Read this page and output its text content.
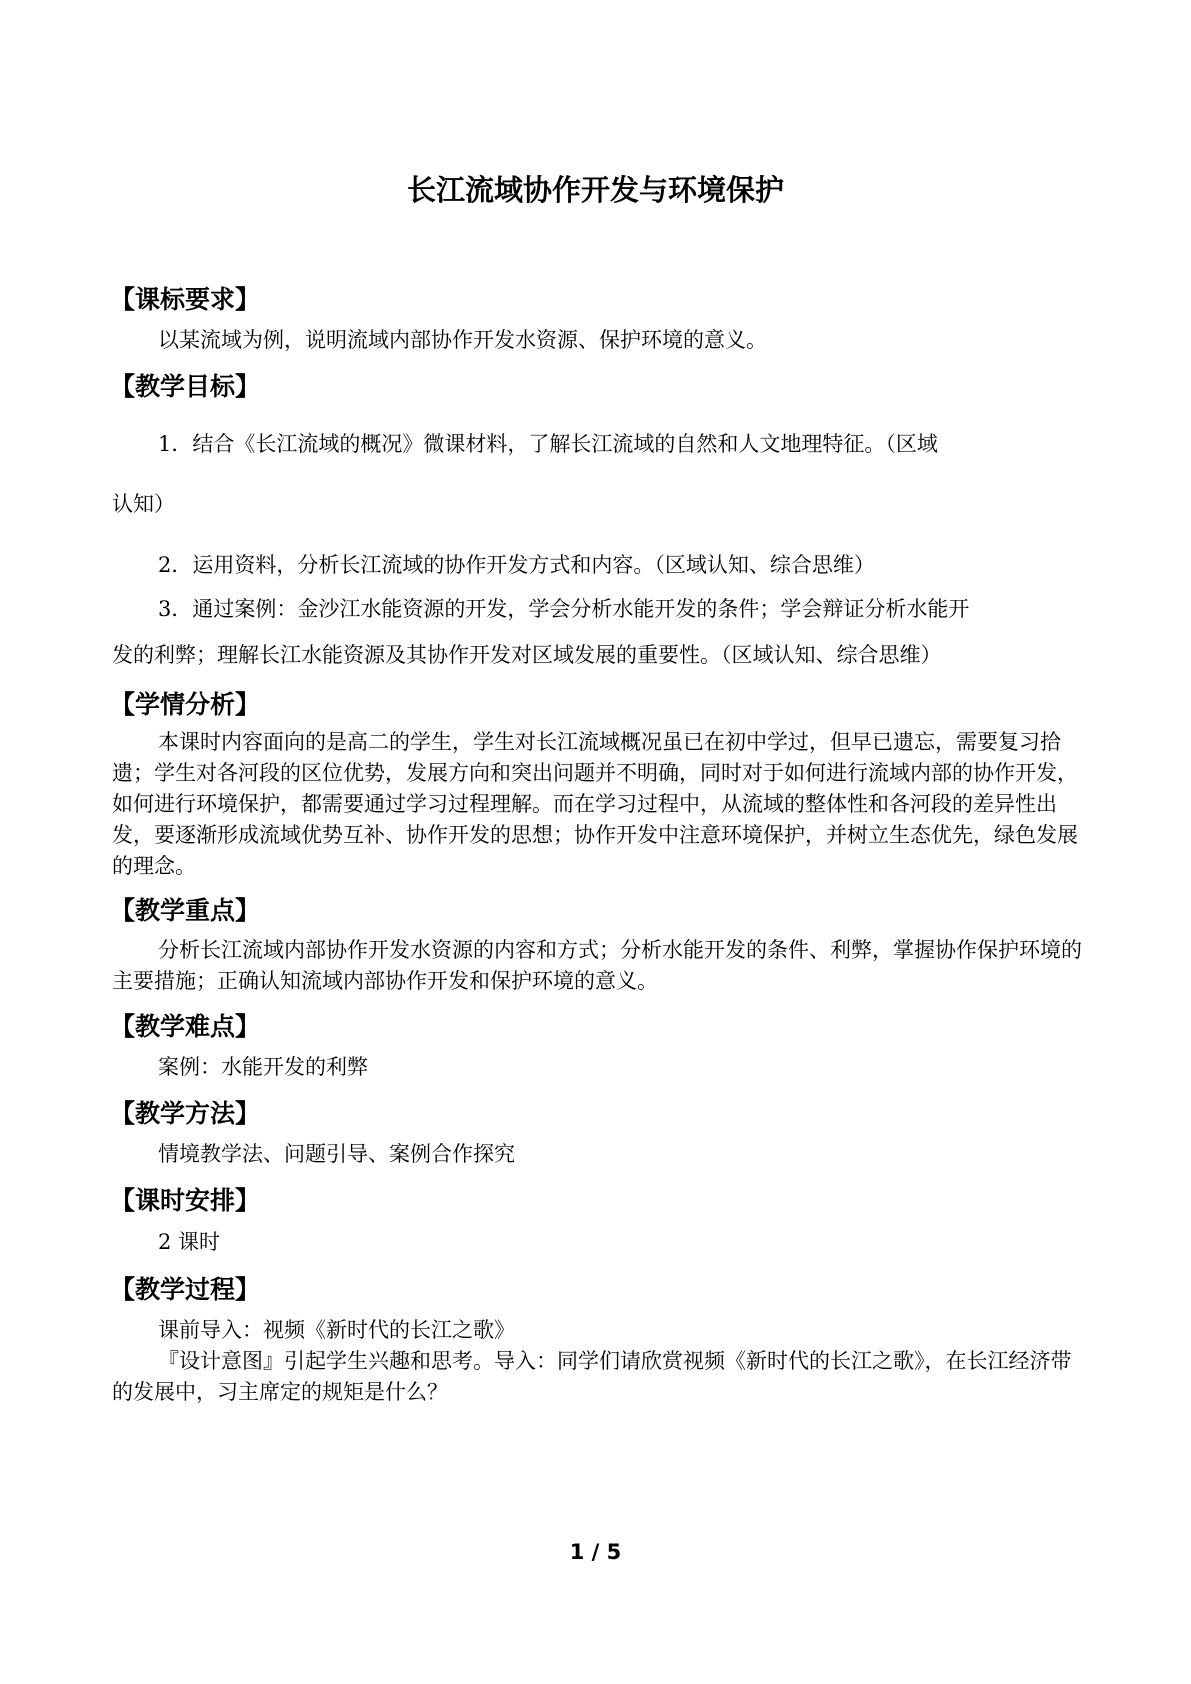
长江流域协作开发与环境保护
【课标要求】
以某流域为例，说明流域内部协作开发水资源、保护环境的意义。
【教学目标】
1．结合《长江流域的概况》微课材料，了解长江流域的自然和人文地理特征。（区域
认知）
2．运用资料，分析长江流域的协作开发方式和内容。（区域认知、综合思维）
3．通过案例：金沙江水能资源的开发，学会分析水能开发的条件；学会辩证分析水能开
发的利弊；理解长江水能资源及其协作开发对区域发展的重要性。（区域认知、综合思维）
【学情分析】
本课时内容面向的是高二的学生，学生对长江流域概况虽已在初中学过，但早已遗忘，需要复习拾遗；学生对各河段的区位优势，发展方向和突出问题并不明确，同时对于如何进行流域内部的协作开发，如何进行环境保护，都需要通过学习过程理解。而在学习过程中，从流域的整体性和各河段的差异性出发，要逐渐形成流域优势互补、协作开发的思想；协作开发中注意环境保护，并树立生态优先，绿色发展的理念。
【教学重点】
分析长江流域内部协作开发水资源的内容和方式；分析水能开发的条件、利弊，掌握协作保护环境的主要措施；正确认知流域内部协作开发和保护环境的意义。
【教学难点】
案例：水能开发的利弊
【教学方法】
情境教学法、问题引导、案例合作探究
【课时安排】
2 课时
【教学过程】
课前导入：视频《新时代的长江之歌》
『设计意图』引起学生兴趣和思考。导入：同学们请欣赏视频《新时代的长江之歌》，在长江经济带的发展中，习主席定的规矩是什么？
1 / 5
